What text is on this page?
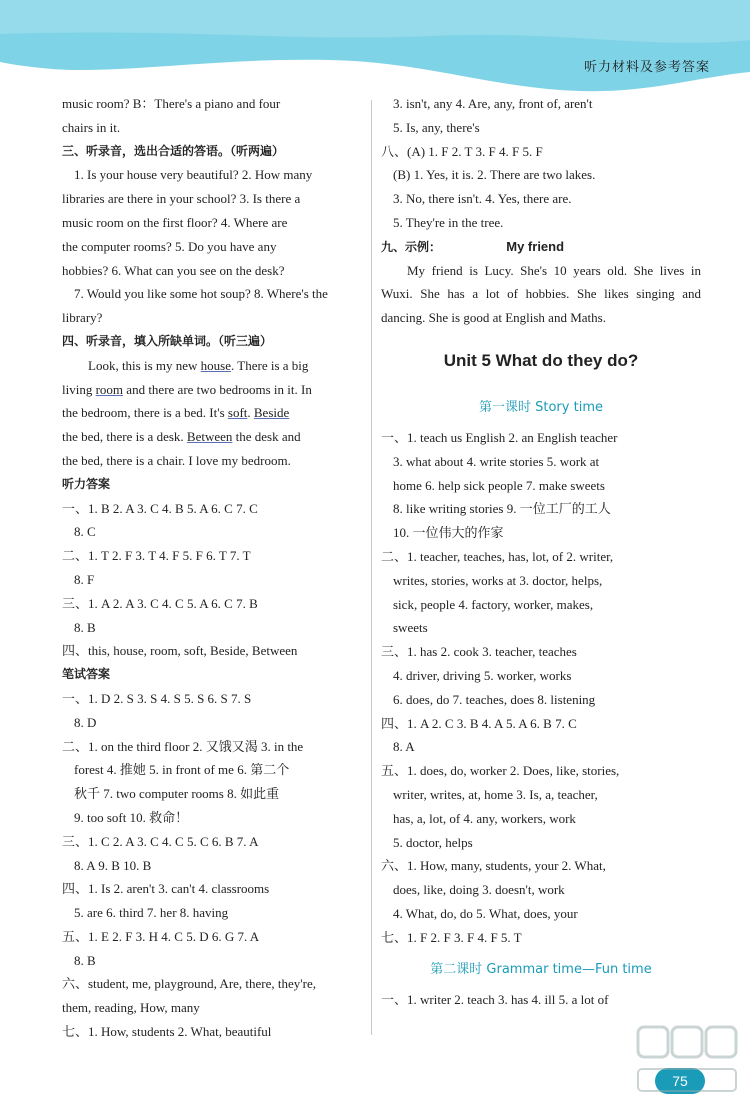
听力材料及参考答案
music room? B：There's a piano and four
chairs in it.
三、听录音，选出合适的答语。（听两遍）
1. Is your house very beautiful? 2. How many
libraries are there in your school? 3. Is there a
music room on the first floor? 4. Where are
the computer rooms? 5. Do you have any
hobbies? 6. What can you see on the desk?
7. Would you like some hot soup? 8. Where's the
library?
四、听录音，填入所缺单词。（听三遍）
Look, this is my new house. There is a big
living room and there are two bedrooms in it. In
the bedroom, there is a bed. It's soft. Beside
the bed, there is a desk. Between the desk and
the bed, there is a chair. I love my bedroom.
听力答案
一、1. B 2. A 3. C 4. B 5. A 6. C 7. C
8. C
二、1. T 2. F 3. T 4. F 5. F 6. T 7. T
8. F
三、1. A 2. A 3. C 4. C 5. A 6. C 7. B
8. B
四、this, house, room, soft, Beside, Between
笔试答案
一、1. D 2. S 3. S 4. S 5. S 6. S 7. S
8. D
二、1. on the third floor 2. 又饿又渴 3. in the
forest 4. 推她 5. in front of me 6. 第二个
秋千 7. two computer rooms 8. 如此重
9. too soft 10. 救命！
三、1. C 2. A 3. C 4. C 5. C 6. B 7. A
8. A 9. B 10. B
四、1. Is 2. aren't 3. can't 4. classrooms
5. are 6. third 7. her 8. having
五、1. E 2. F 3. H 4. C 5. D 6. G 7. A
8. B
六、student, me, playground, Are, there, they're,
them, reading, How, many
七、1. How, students 2. What, beautiful
3. isn't, any 4. Are, any, front of, aren't
5. Is, any, there's
八、(A) 1. F 2. T 3. F 4. F 5. F
(B) 1. Yes, it is. 2. There are two lakes.
3. No, there isn't. 4. Yes, there are.
5. They're in the tree.
九、示例：	My friend
My friend is Lucy. She's 10 years old. She lives in Wuxi. She has a lot of hobbies. She likes singing and dancing. She is good at English and Maths.
Unit 5 What do they do?
第一课时 Story time
一、1. teach us English 2. an English teacher
3. what about 4. write stories 5. work at
home 6. help sick people 7. make sweets
8. like writing stories 9. 一位工厂的工人
10. 一位伟大的作家
二、1. teacher, teaches, has, lot, of 2. writer,
writes, stories, works at 3. doctor, helps,
sick, people 4. factory, worker, makes,
sweets
三、1. has 2. cook 3. teacher, teaches
4. driver, driving 5. worker, works
6. does, do 7. teaches, does 8. listening
四、1. A 2. C 3. B 4. A 5. A 6. B 7. C
8. A
五、1. does, do, worker 2. Does, like, stories,
writer, writes, at, home 3. Is, a, teacher,
has, a, lot, of 4. any, workers, work
5. doctor, helps
六、1. How, many, students, your 2. What,
does, like, doing 3. doesn't, work
4. What, do, do 5. What, does, your
七、1. F 2. F 3. F 4. F 5. T
第二课时 Grammar time—Fun time
一、1. writer 2. teach 3. has 4. ill 5. a lot of
75
